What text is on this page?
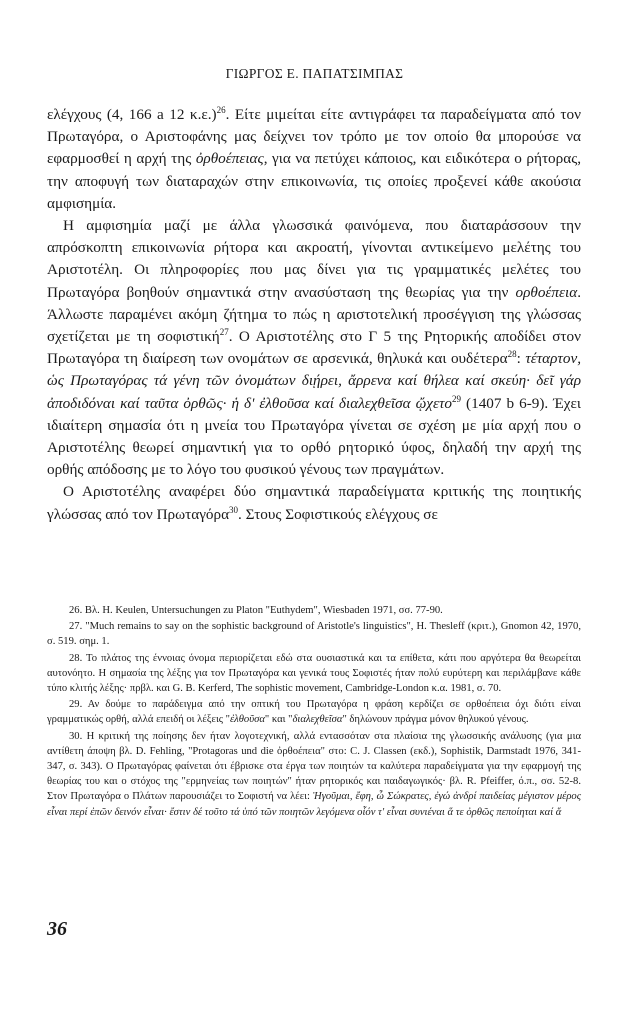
ΓΙΩΡΓΟΣ Ε. ΠΑΠΑΤΣΙΜΠΑΣ

ελέγχους (4, 166 a 12 κ.ε.)$^{26}$. Είτε μιμείται είτε αντιγράφει τα παραδείγματα από τον Πρωταγόρα, ο Αριστοφάνης μας δείχνει τον τρόπο με τον οποίο θα μπορούσε να εφαρμοσθεί η αρχή της ὀρθοέπειας, για να πετύχει κάποιος, και ειδικότερα ο ρήτορας, την αποφυγή των διαταραχών στην επικοινωνία, τις οποίες προξενεί κάθε ακούσια αμφισημία.

Η αμφισημία μαζί με άλλα γλωσσικά φαινόμενα, που διαταράσσουν την απρόσκοπτη επικοινωνία ρήτορα και ακροατή, γίνονται αντικείμενο μελέτης του Αριστοτέλη. Οι πληροφορίες που μας δίνει για τις γραμματικές μελέτες του Πρωταγόρα βοηθούν σημαντικά στην ανασύσταση της θεωρίας για την ορθοέπεια. Άλλωστε παραμένει ακόμη ζήτημα το πώς η αριστοτελική προσέγγιση της γλώσσας σχετίζεται με τη σοφιστική$^{27}$. Ο Αριστοτέλης στο Γ 5 της Ρητορικής αποδίδει στον Πρωταγόρα τη διαίρεση των ονομάτων σε αρσενικά, θηλυκά και ουδέτερα$^{28}$: τέταρτον, ὡς Πρωταγόρας τά γένη τῶν ὀνομάτων διῄρει, ἄρρενα καί θήλεα καί σκεύη· δεῖ γάρ ἀποδιδόναι καί ταῦτα ὀρθῶς· ἡ δ' ἐλθοῦσα καί διαλεχθεῖσα ᾤχετο$^{29}$ (1407 b 6-9). Έχει ιδιαίτερη σημασία ότι η μνεία του Πρωταγόρα γίνεται σε σχέση με μία αρχή που ο Αριστοτέλης θεωρεί σημαντική για το ορθό ρητορικό ύφος, δηλαδή την αρχή της ορθής απόδοσης με το λόγο του φυσικού γένους των πραγμάτων.

Ο Αριστοτέλης αναφέρει δύο σημαντικά παραδείγματα κριτικής της ποιητικής γλώσσας από τον Πρωταγόρα$^{30}$. Στους Σοφιστικούς ελέγχους σε

26. Βλ. H. Keulen, Untersuchungen zu Platon "Euthydem", Wiesbaden 1971, σσ. 77-90.

27. "Much remains to say on the sophistic background of Aristotle's linguistics", H. Thesleff (κριτ.), Gnomon 42, 1970, σ. 519. σημ. 1.

28. Το πλάτος της έννοιας όνομα περιορίζεται εδώ στα ουσιαστικά και τα επίθετα, κάτι που αργότερα θα θεωρείται αυτονόητο. Η σημασία της λέξης για τον Πρωταγόρα και γενικά τους Σοφιστές ήταν πολύ ευρύτερη και περιλάμβανε κάθε τύπο κλιτής λέξης· πρβλ. και G. B. Kerferd, The sophistic movement, Cambridge-London κ.α. 1981, σ. 70.

29. Αν δούμε το παράδειγμα από την οπτική του Πρωταγόρα η φράση κερδίζει σε ορθοέπεια όχι διότι είναι γραμματικώς ορθή, αλλά επειδή οι λέξεις "ἐλθοῦσα" και "διαλεχθεῖσα" δηλώνουν πράγμα μόνον θηλυκού γένους.

30. Η κριτική της ποίησης δεν ήταν λογοτεχνική, αλλά εντασσόταν στα πλαίσια της γλωσσικής ανάλυσης (για μια αντίθετη άποψη βλ. D. Fehling, "Protagoras und die ὀρθοέπεια" στο: C. J. Classen (εκδ.), Sophistik, Darmstadt 1976, 341-347, σ. 343). Ο Πρωταγόρας φαίνεται ότι έβρισκε στα έργα των ποιητών τα καλύτερα παραδείγματα για την εφαρμογή της θεωρίας του και ο στόχος της "ερμηνείας των ποιητών" ήταν ρητορικός και παιδαγωγικός· βλ. R. Pfeiffer, ό.π., σσ. 52-8. Στον Πρωταγόρα ο Πλάτων παρουσιάζει το Σοφιστή να λέει: Ἡγοῦμαι, ἔφη, ὦ Σώκρατες, ἐγώ ἀνδρί παιδείας μέγιστον μέρος εἶναι περί ἐπῶν δεινόν εἶναι· ἔστιν δέ τοῦτο τά ὑπό τῶν ποιητῶν λεγόμενα οἷόν τ' εἶναι συνιέναι ἅ τε ὀρθῶς πεποίηται καί ἅ

36
